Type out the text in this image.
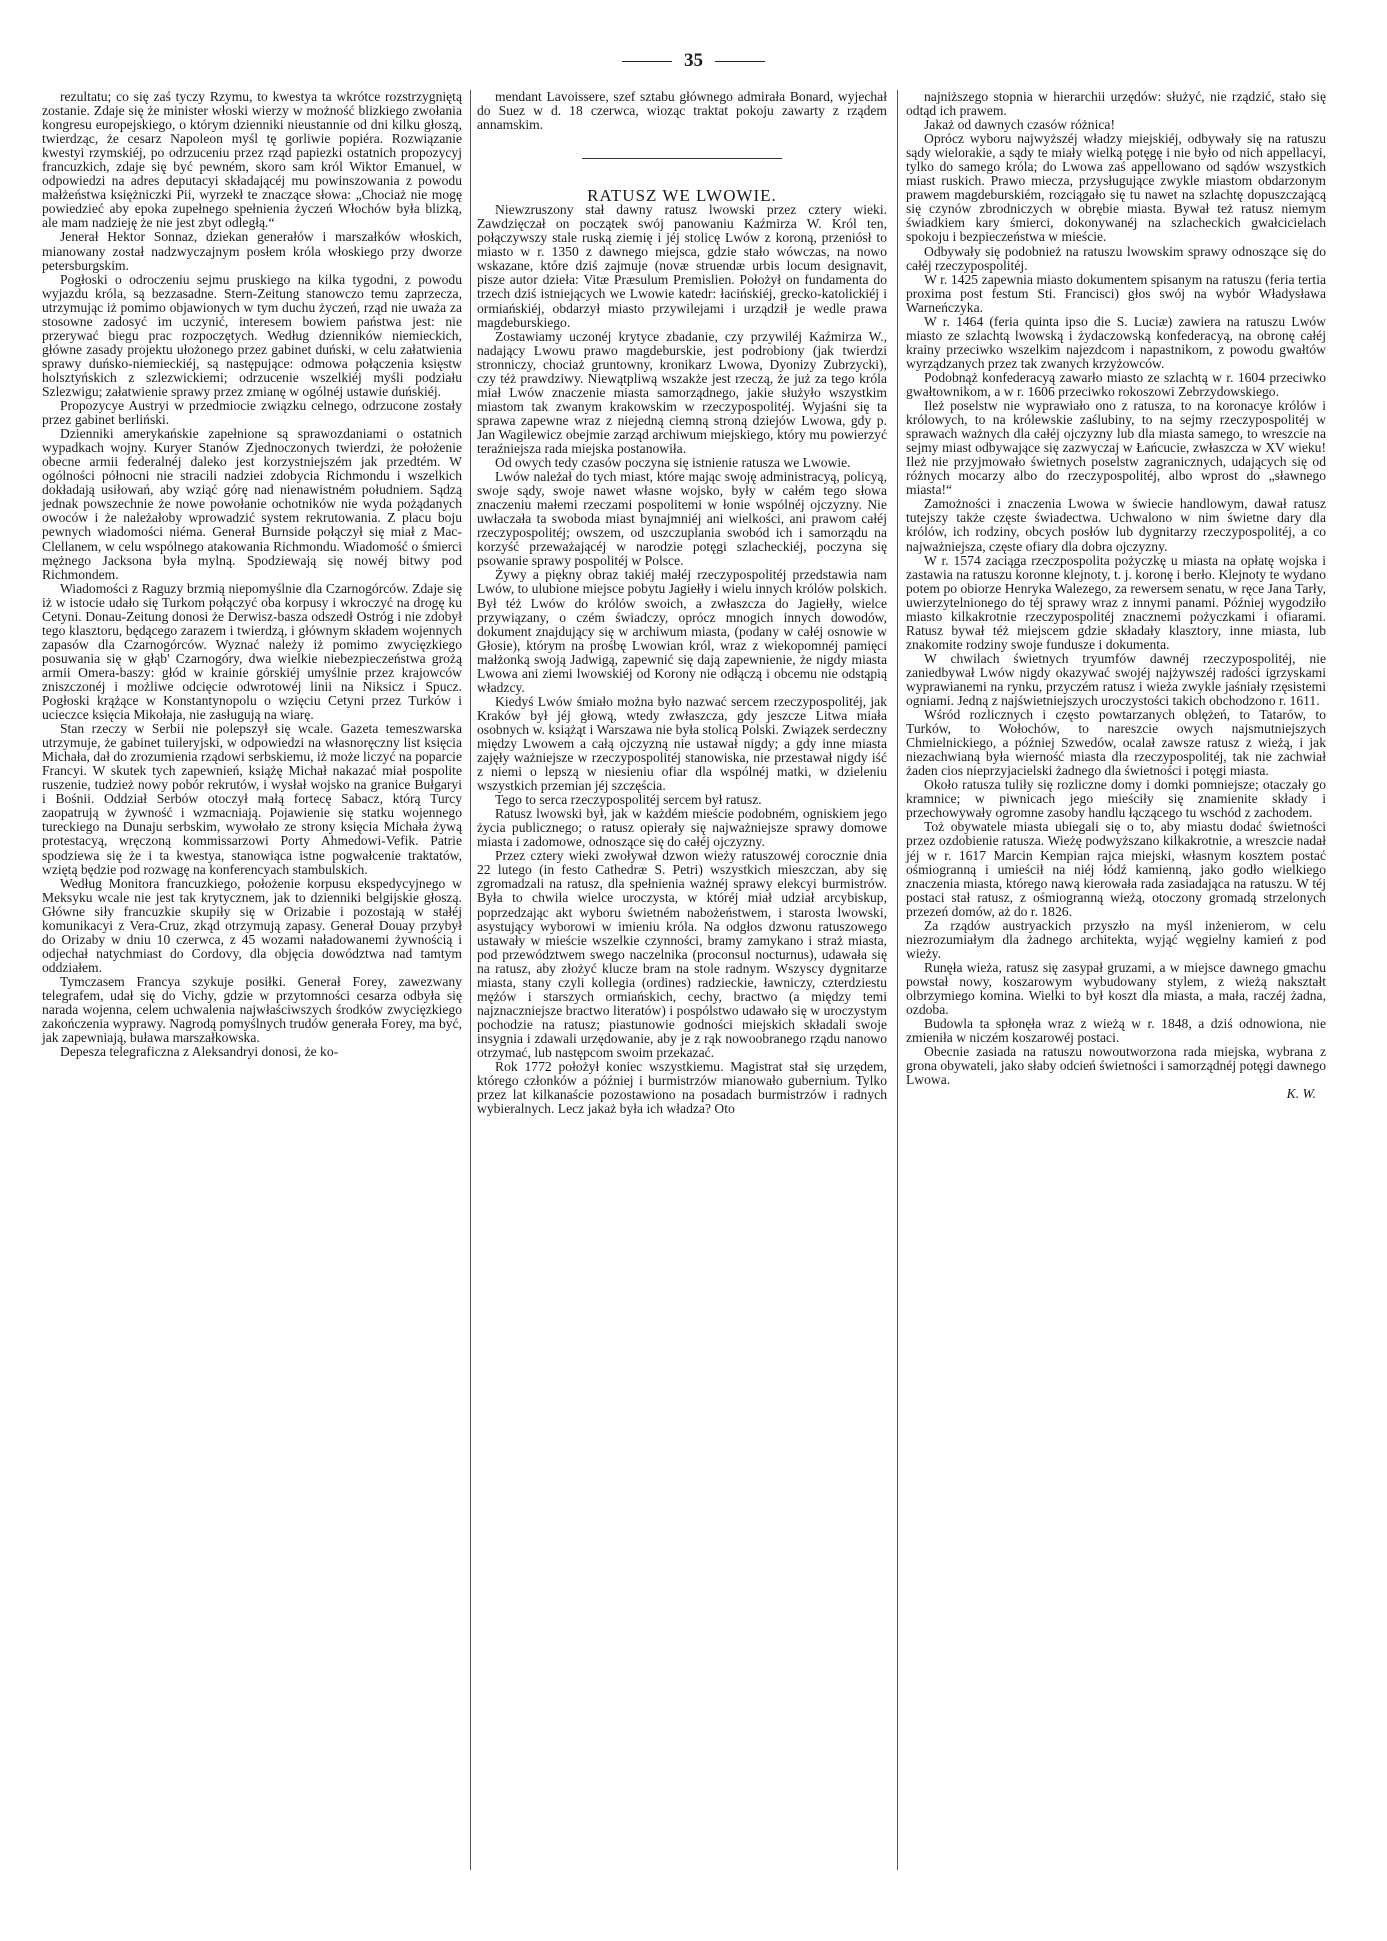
35

rezultatu; co się zaś tyczy Rzymu, to kwestya ta wkrótce rozstrzygniętą zostanie. Zdaje się że minister włoski wierzy w możność blizkiego zwołania kongresu europejskiego, o którym dzienniki nieustannie od dni kilku głoszą, twierdząc, że cesarz Napoleon myśl tę gorliwie popiéra. Rozwiązanie kwestyi rzymskiéj, po odrzuceniu przez rząd papiezki ostatnich propozycyj francuzkich, zdaje się być pewném, skoro sam król Wiktor Emanuel, w odpowiedzi na adres deputacyi składającéj mu powinszowania z powodu małżeństwa księżniczki Pii, wyrzekł te znaczące słowa: „Chociaż nie mogę powiedzieć aby epoka zupełnego spełnienia życzeń Włochów była blizką, ale mam nadzieję że nie jest zbyt odległą.“

Jenerał Hektor Sonnaz, dziekan generałów i marszałków włoskich, mianowany został nadzwyczajnym posłem króla włoskiego przy dworze petersburgskim.

Pogłoski o odroczeniu sejmu pruskiego na kilka tygodni, z powodu wyjazdu króla, są bezzasadne. Stern-Zeitung stanowczo temu zaprzecza, utrzymując iż pomimo objawionych w tym duchu życzeń, rząd nie uważa za stosowne zadosyć im uczynić, interesem bowiem państwa jest: nie przerywać biegu prac rozpoczętych. Według dzienników niemieckich, główne zasady projektu ułożonego przez gabinet duński, w celu załatwienia sprawy duńsko-niemieckiéj, są następujące: odmowa połączenia księstw holsztyńskich z szlezwickiemi; odrzucenie wszelkiéj myśli podziału Szlezwigu; załatwienie sprawy przez zmianę w ogólnéj ustawie duńskiéj.

Propozycye Austryi w przedmiocie związku celnego, odrzucone zostały przez gabinet berliński.

Dzienniki amerykańskie zapełnione są sprawozdaniami o ostatnich wypadkach wojny. Kuryer Stanów Zjednoczonych twierdzi, że położenie obecne armii federalnéj daleko jest korzystniejszém jak przedtém. W ogólności północni nie stracili nadziei zdobycia Richmondu i wszelkich dokładają usiłowań, aby wziąć górę nad nienawistném południem. Sądzą jednak powszechnie że nowe powołanie ochotników nie wyda pożądanych owoców i że należałoby wprowadzić system rekrutowania. Z placu boju pewnych wiadomości niéma. Generał Burnside połączył się miał z Mac-Clellanem, w celu wspólnego atakowania Richmondu. Wiadomość o śmierci mężnego Jacksona była mylną. Spodziewają się nowéj bitwy pod Richmondem.

Wiadomości z Raguzy brzmią niepomyślnie dla Czarnogórców. Zdaje się iż w istocie udało się Turkom połączyć oba korpusy i wkroczyć na drogę ku Cetyni. Donau-Zeitung donosi że Derwisz-basza odszedł Ostróg i nie zdobył tego klasztoru, będącego zarazem i twierdzą, i głównym składem wojennych zapasów dla Czarnogórców. Wyznać należy iż pomimo zwycięzkiego posuwania się w głąb' Czarnogóry, dwa wielkie niebezpieczeństwa grożą armii Omera-baszy: głód w krainie górskiéj umyślnie przez krajowców zniszczonéj i możliwe odcięcie odwrotowéj linii na Niksicz i Spucz. Pogłoski krążące w Konstantynopolu o wzięciu Cetyni przez Turków i ucieczce księcia Mikołaja, nie zasługują na wiarę.

Stan rzeczy w Serbii nie polepszył się wcale. Gazeta temeszwarska utrzymuje, że gabinet tuileryjski, w odpowiedzi na własnoręczny list księcia Michała, dał do zrozumienia rządowi serbskiemu, iż może liczyć na poparcie Francyi. W skutek tych zapewnień, książę Michał nakazać miał pospolite ruszenie, tudzież nowy pobór rekrutów, i wysłał wojsko na granice Bułgaryi i Bośnii. Oddział Serbów otoczył małą fortecę Sabacz, którą Turcy zaopatrują w żywność i wzmacniają. Pojawienie się statku wojennego tureckiego na Dunaju serbskim, wywołało ze strony księcia Michała żywą protestacyą, wręczoną kommissarzowi Porty Ahmedowi-Vefik. Patrie spodziewa się że i ta kwestya, stanowiąca istne pogwałcenie traktatów, wziętą będzie pod rozwagę na konferencyach stambulskich.

Według Monitora francuzkiego, położenie korpusu ekspedycyjnego w Meksyku wcale nie jest tak krytycznem, jak to dzienniki belgijskie głoszą. Główne siły francuzkie skupiły się w Orizabie i pozostają w stałéj komunikacyi z Vera-Cruz, zkąd otrzymują zapasy. Generał Douay przybył do Orizaby w dniu 10 czerwca, z 45 wozami naładowanemi żywnością i odjechał natychmiast do Cordovy, dla objęcia dowództwa nad tamtym oddziałem.

Tymczasem Francya szykuje posiłki. Generał Forey, zawezwany telegrafem, udał się do Vichy, gdzie w przytomności cesarza odbyła się narada wojenna, celem uchwalenia najwłaściwszych środków zwycięzkiego zakończenia wyprawy. Nagrodą pomyślnych trudów generała Forey, ma być, jak zapewniają, buława marszałkowska.

Depesza telegraficzna z Aleksandryi donosi, że ko-

mendant Lavoissere, szef sztabu głównego admirała Bonard, wyjechał do Suez w d. 18 czerwca, wioząc traktat pokoju zawarty z rządem annamskim.

RATUSZ WE LWOWIE.

Niewzruszony stał dawny ratusz lwowski przez cztery wieki. Zawdzięczał on początek swój panowaniu Kaźmirza W. Król ten, połączywszy stale ruską ziemię i jéj stolicę Lwów z koroną, przeniósł to miasto w r. 1350 z dawnego miejsca, gdzie stało wówczas, na nowo wskazane, które dziś zajmuje (novæ struendæ urbis locum designavit, pisze autor dzieła: Vitæ Præsulum Premislien. Położył on fundamenta do trzech dziś istniejących we Lwowie katedr: łacińskiéj, grecko-katolickiéj i ormiańskiéj, obdarzył miasto przywilejami i urządził je wedle prawa magdeburskiego.

Zostawiamy uczonéj krytyce zbadanie, czy przywiléj Kaźmirza W., nadający Lwowu prawo magdeburskie, jest podrobiony (jak twierdzi stronniczy, chociaż gruntowny, kronikarz Lwowa, Dyonizy Zubrzycki), czy téż prawdziwy. Niewątpliwą wszakże jest rzeczą, że już za tego króla miał Lwów znaczenie miasta samorządnego, jakie służyło wszystkim miastom tak zwanym krakowskim w rzeczypospolitéj. Wyjaśni się ta sprawa zapewne wraz z niejedną ciemną stroną dziejów Lwowa, gdy p. Jan Wagilewicz obejmie zarząd archiwum miejskiego, który mu powierzyć teraźniejsza rada miejska postanowiła.

Od owych tedy czasów poczyna się istnienie ratusza we Lwowie.

Lwów należał do tych miast, które mając swoję administracyą, policyą, swoje sądy, swoje nawet własne wojsko, były w całém tego słowa znaczeniu małemi rzeczami pospolitemi w łonie wspólnéj ojczyzny. Nie uwłaczała ta swoboda miast bynajmniéj ani wielkości, ani prawom całéj rzeczypospolitéj; owszem, od uszczuplania swobód ich i samorządu na korzyść przeważającéj w narodzie potęgi szlacheckiéj, poczyna się psowanie sprawy pospolitéj w Polsce.

Żywy a piękny obraz takiéj małéj rzeczypospolitéj przedstawia nam Lwów, to ulubione miejsce pobytu Jagiełły i wielu innych królów polskich. Był téż Lwów do królów swoich, a zwłaszcza do Jagiełły, wielce przywiązany, o czém świadczy, oprócz mnogich innych dowodów, dokument znajdujący się w archiwum miasta, (podany w całéj osnowie w Głosie), którym na prośbę Lwowian król, wraz z wiekopomnéj pamięci małżonką swoją Jadwigą, zapewnić się dają zapewnienie, że nigdy miasta Lwowa ani ziemi lwowskiéj od Korony nie odłączą i obcemu nie odstąpią władzcy.

Kiedyś Lwów śmiało można było nazwać sercem rzeczypospolitéj, jak Kraków był jéj głową, wtedy zwłaszcza, gdy jeszcze Litwa miała osobnych w. książąt i Warszawa nie była stolicą Polski. Związek serdeczny między Lwowem a całą ojczyzną nie ustawał nigdy; a gdy inne miasta zajęły ważniejsze w rzeczypospolitéj stanowiska, nie przestawał nigdy iść z niemi o lepszą w niesieniu ofiar dla wspólnéj matki, w dzieleniu wszystkich przemian jéj szczęścia.

Tego to serca rzeczypospolitéj sercem był ratusz.

Ratusz lwowski był, jak w każdém mieście podobném, ogniskiem jego życia publicznego; o ratusz opierały się najważniejsze sprawy domowe miasta i zadomowe, odnoszące się do całéj ojczyzny.

Przez cztery wieki zwoływał dzwon wieży ratuszowéj corocznie dnia 22 lutego (in festo Cathedræ S. Petri) wszystkich mieszczan, aby się zgromadzali na ratusz, dla spełnienia ważnéj sprawy elekcyi burmistrów. Była to chwila wielce uroczysta, w któréj miał udział arcybiskup, poprzedzając akt wyboru świetném nabożeństwem, i starosta lwowski, asystujący wyborowi w imieniu króla. Na odgłos dzwonu ratuszowego ustawały w mieście wszelkie czynności, bramy zamykano i straż miasta, pod przewództwem swego naczelnika (proconsul nocturnus), udawała się na ratusz, aby złożyć klucze bram na stole radnym. Wszyscy dygnitarze miasta, stany czyli kollegia (ordines) radzieckie, ławniczy, czterdziestu mężów i starszych ormiańskich, cechy, bractwo (a między temi najznaczniejsze bractwo literatów) i pospólstwo udawało się w uroczystym pochodzie na ratusz; piastunowie godności miejskich składali swoje insygnia i zdawali urzędowanie, aby je z rąk nowoobranego rządu nanowo otrzymać, lub następcom swoim przekazać.

Rok 1772 położył koniec wszystkiemu. Magistrat stał się urzędem, którego członków a później i burmistrzów mianowało gubernium. Tylko przez lat kilkanaście pozostawiono na posadach burmistrzów i radnych wybieralnych. Lecz jakaż była ich władza? Oto

najniższego stopnia w hierarchii urzędów: służyć, nie rządzić, stało się odtąd ich prawem.

Jakaż od dawnych czasów różnica!

Oprócz wyboru najwyższéj władzy miejskiéj, odbywały się na ratuszu sądy wielorakie, a sądy te miały wielką potęgę i nie było od nich appellacyi, tylko do samego króla; do Lwowa zaś appellowano od sądów wszystkich miast ruskich. Prawo miecza, przysługujące zwykle miastom obdarzonym prawem magdeburskiém, rozciągało się tu nawet na szlachtę dopuszczającą się czynów zbrodniczych w obrębie miasta. Bywał też ratusz niemym świadkiem kary śmierci, dokonywanéj na szlacheckich gwałcicielach spokoju i bezpieczeństwa w mieście.

Odbywały się podobnież na ratuszu lwowskim sprawy odnoszące się do całéj rzeczypospolitéj.

W r. 1425 zapewnia miasto dokumentem spisanym na ratuszu (feria tertia proxima post festum Sti. Francisci) głos swój na wybór Władysława Warneńczyka.

W r. 1464 (feria quinta ipso die S. Luciæ) zawiera na ratuszu Lwów miasto ze szlachtą lwowską i żydaczowską konfederacyą, na obronę całéj krainy przeciwko wszelkim najezdcom i napastnikom, z powodu gwałtów wyrządzanych przez tak zwanych krzyżowców.

Podobnąż konfederacyą zawarło miasto ze szlachtą w r. 1604 przeciwko gwałtownikom, a w r. 1606 przeciwko rokoszowi Zebrzydowskiego.

Ileż poselstw nie wyprawiało ono z ratusza, to na koronacye królów i królowych, to na królewskie zaślubiny, to na sejmy rzeczypospolitéj w sprawach ważnych dla całéj ojczyzny lub dla miasta samego, to wreszcie na sejmy miast odbywające się zazwyczaj w Łańcucie, zwłaszcza w XV wieku! Ileż nie przyjmowało świetnych poselstw zagranicznych, udających się od różnych mocarzy albo do rzeczypospolitéj, albo wprost do „sławnego miasta!“

Zamożności i znaczenia Lwowa w świecie handlowym, dawał ratusz tutejszy także częste świadectwa. Uchwalono w nim świetne dary dla królów, ich rodziny, obcych posłów lub dygnitarzy rzeczypospolitéj, a co najważniejsza, częste ofiary dla dobra ojczyzny.

W r. 1574 zaciąga rzeczpospolita pożyczkę u miasta na opłatę wojska i zastawia na ratuszu koronne klejnoty, t. j. koronę i berło. Klejnoty te wydano potem po obiorze Henryka Walezego, za rewersem senatu, w ręce Jana Tarły, uwierzytelnionego do téj sprawy wraz z innymi panami. Później wygodziło miasto kilkakrotnie rzeczypospolitéj znacznemi pożyczkami i ofiarami. Ratusz bywał téż miejscem gdzie składały klasztory, inne miasta, lub znakomite rodziny swoje fundusze i dokumenta.

W chwilach świetnych tryumfów dawnéj rzeczypospolitéj, nie zaniedbywał Lwów nigdy okazywać swojéj najżywszéj radości igrzyskami wyprawianemi na rynku, przyczém ratusz i wieża zwykle jaśniały rzęsistemi ogniami. Jedną z najświetniejszych uroczystości takich obchodzono r. 1611.

Wśród rozlicznych i często powtarzanych oblężeń, to Tatarów, to Turków, to Wołochów, to nareszcie owych najsmutniejszych Chmielnickiego, a później Szwedów, ocalał zawsze ratusz z wieżą, i jak niezachwianą była wierność miasta dla rzeczypospolitéj, tak nie zachwiał żaden cios nieprzyjacielski żadnego dla świetności i potęgi miasta.

Około ratusza tuliły się rozliczne domy i domki pomniejsze; otaczały go kramnice; w piwnicach jego mieściły się znamienite składy i przechowywały ogromne zasoby handlu łączącego tu wschód z zachodem.

Toż obywatele miasta ubiegali się o to, aby miastu dodać świetności przez ozdobienie ratusza. Wieżę podwyższano kilkakrotnie, a wreszcie nadał jéj w r. 1617 Marcin Kempian rajca miejski, własnym kosztem postać ośmiogranną i umieścił na niéj łódź kamienną, jako godło wielkiego znaczenia miasta, którego nawą kierowała rada zasiadająca na ratuszu. W téj postaci stał ratusz, z ośmiogranną wieżą, otoczony gromadą strzelonych przezeń domów, aż do r. 1826.

Za rządów austryackich przyszło na myśl inżenierom, w celu niezrozumiałym dla żadnego architekta, wyjąć węgielny kamień z pod wieży.

Runęła wieża, ratusz się zasypał gruzami, a w miejsce dawnego gmachu powstał nowy, koszarowym wybudowany stylem, z wieżą nakształt olbrzymiego komina. Wielki to był koszt dla miasta, a mała, raczéj żadna, ozdoba.

Budowla ta spłonęła wraz z wieżą w r. 1848, a dziś odnowiona, nie zmieniła w niczém koszarowéj postaci.

Obecnie zasiada na ratuszu nowoutworzona rada miejska, wybrana z grona obywateli, jako słaby odcień świetności i samorządnéj potęgi dawnego Lwowa.

K. W.
